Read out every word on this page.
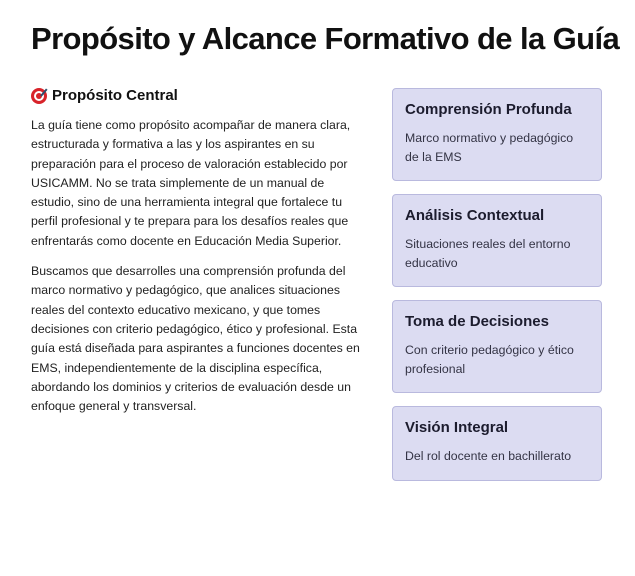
Propósito y Alcance Formativo de la Guía
Propósito Central

La guía tiene como propósito acompañar de manera clara, estructurada y formativa a las y los aspirantes en su preparación para el proceso de valoración establecido por USICAMM. No se trata simplemente de un manual de estudio, sino de una herramienta integral que fortalece tu perfil profesional y te prepara para los desafíos reales que enfrentarás como docente en Educación Media Superior.

Buscamos que desarrolles una comprensión profunda del marco normativo y pedagógico, que analices situaciones reales del contexto educativo mexicano, y que tomes decisiones con criterio pedagógico, ético y profesional. Esta guía está diseñada para aspirantes a funciones docentes en EMS, independientemente de la disciplina específica, abordando los dominios y criterios de evaluación desde un enfoque general y transversal.

Comprensión Profunda

Marco normativo y pedagógico de la EMS

Análisis Contextual

Situaciones reales del entorno educativo

Toma de Decisiones

Con criterio pedagógico y ético profesional

Visión Integral

Del rol docente en bachillerato
